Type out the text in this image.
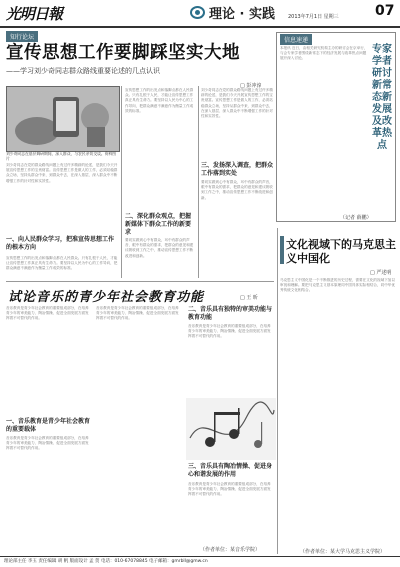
光明日報	理论 · 实践	2013年7月1日 星期三	07
知行论坛
宣传思想工作要脚踩坚实大地
——学习刘少奇同志群众路线重要论述的几点认识
□ 彭冲淳
刘少奇同志在基层调研期间，深入群众，与农民亲切交谈。资料图片
刘少奇同志在党的群众路线问题上有过许多精辟的论述，是我们今天开展宣传思想工作的宝贵财富。宣传思想工作是做人的工作，必须站稳群众立场，坚持从群众中来、到群众中去，在深入基层、深入群众中不断增强工作的针对性和实效性。
一、向人民群众学习，把准宣传思想工作的根本方向
宣传思想工作的出发点和落脚点都在人民群众。只有扎根于人民，才能让宣传思想工作真正具有生命力。要坚持以人民为中心的工作导向，把群众满意不满意作为衡量工作成效的标准。
宣传思想工作的出发点和落脚点都在人民群众。只有扎根于人民，才能让宣传思想工作真正具有生命力。要坚持以人民为中心的工作导向，把群众满意不满意作为衡量工作成效的标准。
二、深化群众观点，把握新媒体下群众工作的新要求
要切实做到心中有群众，耳中有群众的声音，眼中有群众的需求，把群众的意见和建议吸收到工作之中，推动宣传思想工作不断改进和创新。
刘少奇同志在党的群众路线问题上有过许多精辟的论述，是我们今天开展宣传思想工作的宝贵财富。宣传思想工作是做人的工作，必须站稳群众立场，坚持从群众中来、到群众中去，在深入基层、深入群众中不断增强工作的针对性和实效性。
三、发扬深入调查，把群众工作落到实处
要切实做到心中有群众，耳中有群众的声音，眼中有群众的需求，把群众的意见和建议吸收到工作之中，推动宣传思想工作不断改进和创新。
信息速递
本报讯 近日，由相关研究机构主办的研讨会在京举行，与会专家学者围绕新常态下的经济发展与改革热点问题展开深入讨论。
专家学者研讨新常态新发展及改革热点
（记者 薛鹏）
文化视域下的马克思主义中国化
□ 严述明
马克思主义中国化是一个不断推进的历史过程，需要在文化的视域下加以审视和理解。要把马克思主义基本原理同中国具体实际相结合，同中华优秀传统文化相结合。
（作者单位：某大学马克思主义学院）
试论音乐的青少年社会教育功能	□ 王 昕
音乐教育是青少年社会教育的重要组成部分，在培养青少年的审美能力、陶冶情操、促进全面发展方面发挥着不可替代的作用。
一、音乐教育是青少年社会教育的重要载体
音乐教育是青少年社会教育的重要组成部分，在培养青少年的审美能力、陶冶情操、促进全面发展方面发挥着不可替代的作用。
音乐教育是青少年社会教育的重要组成部分，在培养青少年的审美能力、陶冶情操、促进全面发展方面发挥着不可替代的作用。
二、音乐具有独特的审美功能与教育功能
音乐教育是青少年社会教育的重要组成部分，在培养青少年的审美能力、陶冶情操、促进全面发展方面发挥着不可替代的作用。
三、音乐具有陶冶情操、促进身心和谐发展的作用
音乐教育是青少年社会教育的重要组成部分，在培养青少年的审美能力、陶冶情操、促进全面发展方面发挥着不可替代的作用。
（作者单位：某音乐学院）
理论部主任 李玉 责任编辑 胡 帆 版面设计 孟 贺 电话：010-67078845 电子邮箱：gmrbll@gmw.cn
